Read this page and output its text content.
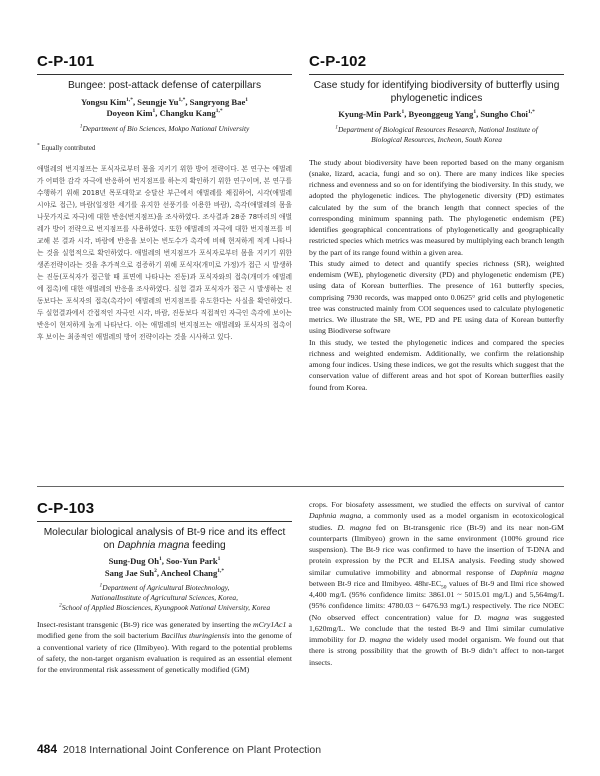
C-P-101
Bungee: post-attack defense of caterpillars
Yongsu Kim$^{1,*}$, Seungje $Yu^{1,*}$, Sangryong Bae$^1$
Doyeon Kim$^1$, Changku Kang$^{1,*}$
$^1$Department of Bio Sciences, Mokpo National University
* Equally contributed
애벌레의 번지점프는 포식자로부터 몸을 지키기 위한 방어 전략이다. 본 연구는 애벌레가 어떠한 감각 자극에 반응하여 번지점프를 하는지 확인하기 위한 연구이며, 본 연구를 수행하기 위해 2018년 목포대학교 승달산 부근에서 애벌레를 채집하여, 시각(애벌레 시야로 접근), 바람(일정한 세기를 유지한 선풍기를 이용한 바람), 촉각(애벌레의 몸을 나뭇가지로 자극)에 대한 반응(번지점프)을 조사하였다. 조사결과 28종 78마리의 애벌레가 방어 전략으로 번지점프를 사용하였다. 또한 애벌레의 자극에 대한 번지점프를 비교해 본 결과 시각, 바람에 반응을 보이는 빈도수가 촉각에 비해 현저하게 적게 나타나는 것을 실험적으로 확인하였다. 애벌레의 번지점프가 포식자로부터 몸을 지키기 위한 생존전략이라는 것을 추가적으로 검증하기 위해 포식자(개미로 가정)가 접근 시 발생하는 진동(포식자가 접근할 때 표면에 나타나는 진동)과 포식자와의 접촉(개미가 애벌레에 접촉)에 대한 애벌레의 반응을 조사하였다. 실험 결과 포식자가 접근 시 발생하는 진동보다는 포식자의 접촉(촉각)이 애벌레의 번지점프를 유도한다는 사실을 확인하였다. 두 실험결과에서 간접적인 자극인 시각, 바람, 진동보다 직접적인 자극인 촉각에 보이는 반응이 현저하게 높게 나타난다. 이는 애벌레의 번지점프는 애벌레와 포식자의 접촉이후 보이는 최종적인 애벌레의 방어 전략이라는 것을 시사하고 있다.
C-P-102
Case study for identifying biodiversity of butterfly using phylogenetic indices
Kyung-Min Park$^1$, Byeonggeug Yang$^1$, Sungho Choi$^{1,*}$
$^1$Department of Biological Resources Research, National Institute of Biological Resources, Incheon, South Korea

The study about biodiversity have been reported based on the many organism (snake, lizard, acacia, fungi and so on). There are many indices like species richness and evenness and so on for identifying the biodiversity. In this study, we adopted the phylogenetic indices. The phylogenetic diversity (PD) estimates calculated by the sum of the branch length that connect species of the corresponding minimum spanning path. The phylogenetic endemism (PE) identifies geographical concentrations of phylogenetically and geographically restricted species which metrics was measured by multiplying each branch length by the part of its range found within a given area.

This study aimed to detect and quantify species richness (SR), weighted endemism (WE), phylogenetic diversity (PD) and phylogenetic endemism (PE) using data of Korean butterflies. The presence of 161 butterfly species, comprising 7930 records, was mapped onto 0.0625° grid cells and phylogenetic tree was constructed mainly from COI sequences used to calculate phylogenetic metrics. We illustrate the SR, WE, PD and PE using data of Korean butterfly using Biodiverse software

In this study, we tested the phylogenetic indices and compared the species richness and weighted endemism. Additionally, we confirm the relationship among four indices. Using these indices, we got the results which suggest that the conservation value of different areas and hot spot of Korean butterflies easily found from Korea.

C-P-103
Molecular biological analysis of Bt-9 rice and its effect on Daphnia magna feeding
Sung-Dug Oh$^1$, Soo-Yun Park$^1$
Sang Jae Suh$^2$, Ancheol Chang$^{1,*}$
$^1$Department of Agricultural Biotechnology,
NationalInstitute of Agricultural Sciences, Korea,
$^2$School of Applied Biosciences, Kyungpook National University, Korea
Insect-resistant transgenic (Bt-9) rice was generated by inserting the mCry1Ac1 a modified gene from the soil bacterium Bacillus thuringiensis into the genome of a conventional variety of rice (Ilmibyeo). With regard to the potential problems of safety, the non-target organism evaluation is required as an essential element for the environmental risk assessment of genetically modified (GM)
crops. For biosafety assessment, we studied the effects on survival of cantor Daphnia magna, a commonly used as a model organism in ecotoxicological studies. D. magna fed on Bt-transgenic rice (Bt-9) and its near non-GM counterparts (Ilmibyeo) grown in the same environment (100% ground rice suspension). The Bt-9 rice was confirmed to have the insertion of T-DNA and protein expression by the PCR and ELISA analysis. Feeding study showed similar cumulative immobility and abnormal response of Daphnia magna between Bt-9 rice and Ilmibyeo. $48hr-EC_{50}$ values of Bt-9 and Ilmi rice showed 4,400 mg/L (95% confidence limits: 3861.01 ~ 5015.01 mg/L) and 5,564mg/L (95% confidence limits: 4780.03 ~ 6476.93 mg/L) respectively. The rice NOEC (No observed effect concentration) value for D. magna was suggested 1,620mg/L. We conclude that the tested Bt-9 and Ilmi similar cumulative immobility for D. magna the widely used model organism. We found out that there is strong possibility that the growth of Bt-9 didn’t affect to non-target insects.
484 2018 International Joint Conference on Plant Protection
